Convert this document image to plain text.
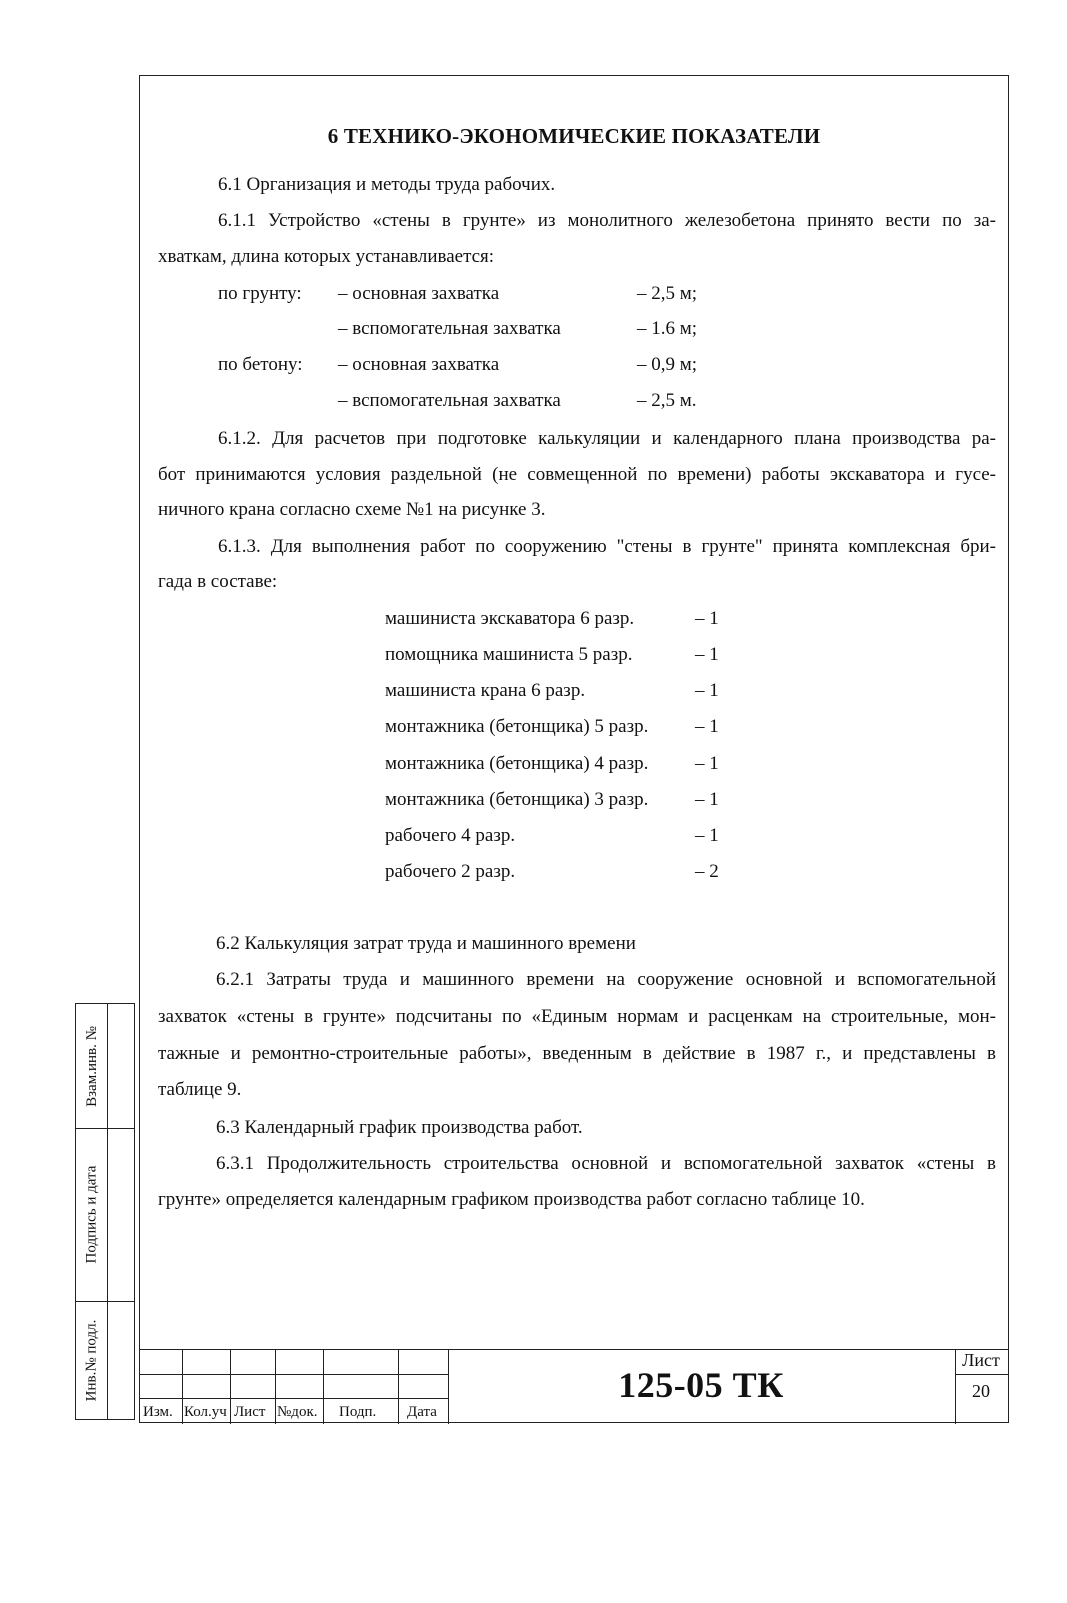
6 ТЕХНИКО-ЭКОНОМИЧЕСКИЕ ПОКАЗАТЕЛИ
6.1 Организация и методы труда рабочих.
6.1.1 Устройство «стены в грунте» из монолитного железобетона принято вести по за-
хваткам, длина которых устанавливается:
по грунту: – основная захватка	– 2,5 м;
– вспомогательная захватка	– 1.6 м;
по бетону: – основная захватка	– 0,9 м;
– вспомогательная захватка	– 2,5 м.
6.1.2. Для расчетов при подготовке калькуляции и календарного плана производства ра-
бот принимаются условия раздельной (не совмещенной по времени) работы экскаватора и гусе-
ничного крана согласно схеме №1 на рисунке 3.
6.1.3. Для выполнения работ по сооружению "стены в грунте" принята комплексная бри-
гада в составе:
машиниста экскаватора 6 разр.	– 1
помощника машиниста 5 разр.	– 1
машиниста крана 6 разр.	– 1
монтажника (бетонщика) 5 разр. – 1
монтажника (бетонщика) 4 разр. – 1
монтажника (бетонщика) 3 разр. – 1
рабочего 4 разр.	– 1
рабочего 2 разр.	– 2
6.2 Калькуляция затрат труда и машинного времени
6.2.1 Затраты труда и машинного времени на сооружение основной и вспомогательной
захваток «стены в грунте» подсчитаны по «Единым нормам и расценкам на строительные, мон-
тажные и ремонтно-строительные работы», введенным в действие в 1987 г., и представлены в
таблице 9.
6.3 Календарный график производства работ.
6.3.1 Продолжительность строительства основной и вспомогательной захваток «стены в
грунте» определяется календарным графиком производства работ согласно таблице 10.
Взам.инв. №
Подпись и дата
Инв.№ подл.
Изм. Кол.уч Лист №док. Подп. Дата
125-05 ТК
Лист
20
